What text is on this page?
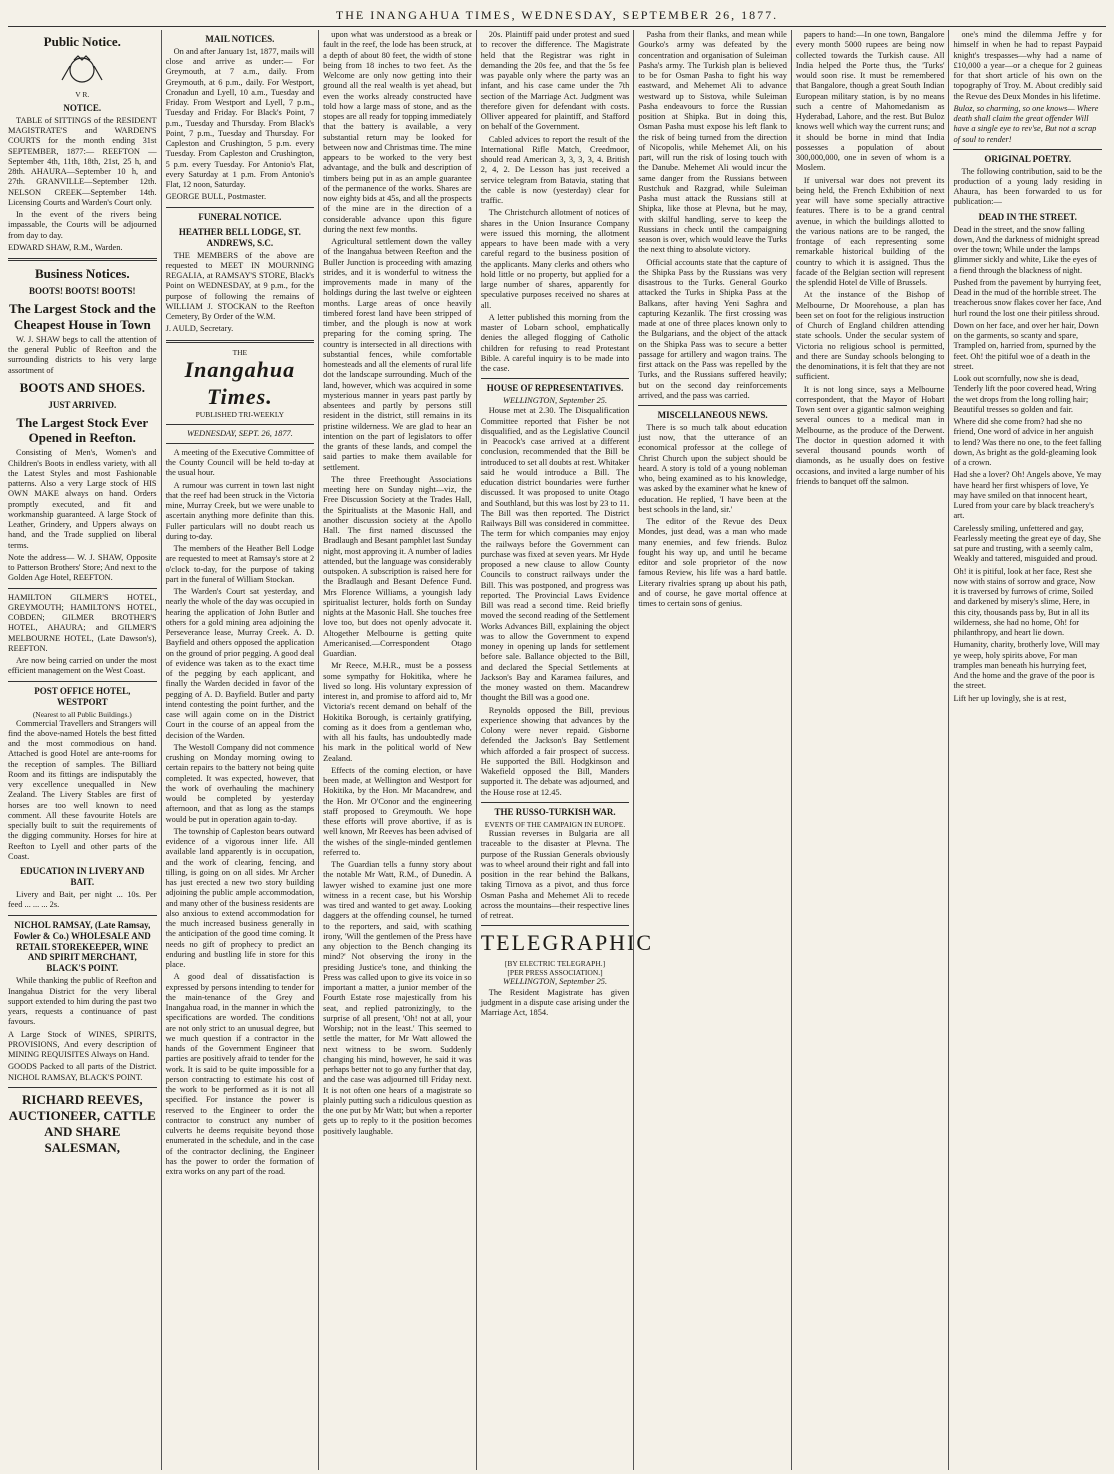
THE INANGAHUA TIMES, WEDNESDAY, SEPTEMBER 26, 1877.
Public Notice.
V R.
NOTICE.

TABLE of SITTINGS of the RESIDENT MAGISTRATE'S and WARDEN'S COURTS for the month ending 31st SEPTEMBER, 1877:— REEFTON — September 4th, 11th, 18th, 21st, 25 h, and 28th. AHAURA—September 10 h, and 27th. GRANVILLE—September 12th. NELSON CREEK—September 14th. Licensing Courts and Warden's Court only.

In the event of the rivers being impassable, the Courts will be adjourned from day to day.

EDWARD SHAW, R.M., Warden.

Business Notices.
BOOTS! BOOTS! BOOTS!
The Largest Stock and the Cheapest House in Town

W. J. SHAW begs to call the attention of the general Public of Reefton and the surrounding districts to his very large assortment of

BOOTS AND SHOES.
JUST ARRIVED.
The Largest Stock Ever Opened in Reefton.

Consisting of Men's, Women's and Children's Boots in endless variety, with all the Latest Styles and most Fashionable patterns. Also a very Large stock of HIS OWN MAKE always on hand. Orders promptly executed, and fit and workmanship guaranteed. A large Stock of Leather, Grindery, and Uppers always on hand, and the Trade supplied on liberal terms.

Note the address— W. J. SHAW, Opposite to Patterson Brothers' Store; And next to the Golden Age Hotel, REEFTON.

HAMILTON GILMER'S HOTEL, GREYMOUTH; HAMILTON'S HOTEL, COBDEN; GILMER BROTHER'S HOTEL, AHAURA; and GILMER'S MELBOURNE HOTEL, (Late Dawson's), REEFTON.

Are now being carried on under the most efficient management on the West Coast.

POST OFFICE HOTEL, WESTPORT
(Nearest to all Public Buildings.)

Commercial Travellers and Strangers will find the above-named Hotels the best fitted and the most commodious on hand. Attached is good Hotel are ante-rooms for the reception of samples. The Billiard Room and its fittings are indisputably the very excellence unequalled in New Zealand. The Livery Stables are first of horses are too well known to need comment. All these favourite Hotels are specially built to suit the requirements of the digging community. Horses for hire at Reefton to Lyell and other parts of the Coast.

EDUCATION IN LIVERY AND BAIT.

Livery and Bait, per night ... 10s. Per feed ... ... ... 2s.

NICHOL RAMSAY, (Late Ramsay, Fowler & Co.) WHOLESALE AND RETAIL STOREKEEPER, WINE AND SPIRIT MERCHANT, BLACK'S POINT.

While thanking the public of Reefton and Inangahua District for the very liberal support extended to him during the past two years, requests a continuance of past favours.

A Large Stock of WINES, SPIRITS, PROVISIONS, And every description of MINING REQUISITES Always on Hand.

GOODS Packed to all parts of the District. NICHOL RAMSAY, BLACK'S POINT.

RICHARD REEVES, AUCTIONEER, CATTLE AND SHARE SALESMAN,
MAIL NOTICES.

On and after January 1st, 1877, mails will close and arrive as under:— For Greymouth, at 7 a.m., daily. From Greymouth, at 6 p.m., daily. For Westport, Cronadun and Lyell, 10 a.m., Tuesday and Friday. From Westport and Lyell, 7 p.m., Tuesday and Friday. For Black's Point, 7 p.m., Tuesday and Thursday. From Black's Point, 7 p.m., Tuesday and Thursday. For Capleston and Crushington, 5 p.m. every Tuesday. From Capleston and Crushington, 5 p.m. every Tuesday. For Antonio's Flat, every Saturday at 1 p.m. From Antonio's Flat, 12 noon, Saturday.

GEORGE BULL, Postmaster.

FUNERAL NOTICE.
HEATHER BELL LODGE, ST. ANDREWS, S.C.

THE MEMBERS of the above are requested to MEET IN MOURNING REGALIA, at RAMSAY'S STORE, Black's Point on WEDNESDAY, at 9 p.m., for the purpose of following the remains of WILLIAM J. STOCKAN to the Reefton Cemetery, By Order of the W.M.

J. AULD, Secretary.

THE
Inangahua Times.
PUBLISHED TRI-WEEKLY
WEDNESDAY, SEPT. 26, 1877.

A meeting of the Executive Committee of the County Council will be held to-day at the usual hour.

A rumour was current in town last night that the reef had been struck in the Victoria mine, Murray Creek, but we were unable to ascertain anything more definite than this. Fuller particulars will no doubt reach us during to-day.

The members of the Heather Bell Lodge are requested to meet at Ramsay's store at 2 o'clock to-day, for the purpose of taking part in the funeral of William Stockan.

The Warden's Court sat yesterday, and nearly the whole of the day was occupied in hearing the application of John Butler and others for a gold mining area adjoining the Perseverance lease, Murray Creek. A. D. Bayfield and others opposed the application on the ground of prior pegging. A good deal of evidence was taken as to the exact time of the pegging by each applicant, and finally the Warden decided in favor of the pegging of A. D. Bayfield. Butler and party intend contesting the point further, and the case will again come on in the District Court in the course of an appeal from the decision of the Warden.

The Westoll Company did not commence crushing on Monday morning owing to certain repairs to the battery not being quite completed. It was expected, however, that the work of overhauling the machinery would be completed by yesterday afternoon, and that as long as the stamps would be put in operation again to-day.

The township of Capleston bears outward evidence of a vigorous inner life. All available land apparently is in occupation, and the work of clearing, fencing, and tilling, is going on on all sides. Mr Archer has just erected a new two story building adjoining the public ample accommodation, and many other of the business residents are also anxious to extend accommodation for the much increased business generally in the anticipation of the good time coming. It needs no gift of prophecy to predict an enduring and bustling life in store for this place.

A good deal of dissatisfaction is expressed by persons intending to tender for the main-tenance of the Grey and Inangahua road, in the manner in which the specifications are worded. The conditions are not only strict to an unusual degree, but we much question if a contractor in the hands of the Government Engineer that parties are positively afraid to tender for the work. It is said to be quite impossible for a person contracting to estimate his cost of the work to be performed as it is not all specified. For instance the power is reserved to the Engineer to order the contractor to construct any number of culverts he deems requisite beyond those enumerated in the schedule, and in the case of the contractor declining, the Engineer has the power to order the formation of extra works on any part of the road.

upon what was understood as a break or fault in the reef, the lode has been struck, at a depth of about 80 feet, the width of stone being from 18 inches to two feet. As the Welcome are only now getting into their ground all the real wealth is yet ahead, but even the works already constructed have told how a large mass of stone, and as the stopes are all ready for topping immediately that the battery is available, a very substantial return may be looked for between now and Christmas time. The mine appears to be worked to the very best advantage, and the bulk and description of timbers being put in as an ample guarantee of the permanence of the works. Shares are now eighty bids at 45s, and all the prospects of the mine are in the direction of a considerable advance upon this figure during the next few months.

Agricultural settlement down the valley of the Inangahua between Reefton and the Buller Junction is proceeding with amazing strides, and it is wonderful to witness the improvements made in many of the holdings during the last twelve or eighteen months. Large areas of once heavily timbered forest land have been stripped of timber, and the plough is now at work preparing for the coming spring. The country is intersected in all directions with substantial fences, while comfortable homesteads and all the elements of rural life dot the landscape surrounding. Much of the land, however, which was acquired in some mysterious manner in years past partly by absentees and partly by persons still resident in the district, still remains in its pristine wilderness. We are glad to hear an intention on the part of legislators to offer the grants of these lands, and compel the said parties to make them available for settlement.

The three Freethought Associations meeting here on Sunday night—viz, the Free Discussion Society at the Trades Hall, the Spiritualists at the Masonic Hall, and another discussion society at the Apollo Hall. The first named discussed the Bradlaugh and Besant pamphlet last Sunday night, most approving it. A number of ladies attended, but the language was considerably outspoken. A subscription is raised here for the Bradlaugh and Besant Defence Fund. Mrs Florence Williams, a youngish lady spiritualist lecturer, holds forth on Sunday nights at the Masonic Hall. She touches free love too, but does not openly advocate it. Altogether Melbourne is getting quite Americanised.—Correspondent Otago Guardian.

Mr Reece, M.H.R., must be a possess some sympathy for Hokitika, where he lived so long. His voluntary expression of interest in, and promise to afford aid to, Mr Victoria's recent demand on behalf of the Hokitika Borough, is certainly gratifying, coming as it does from a gentleman who, with all his faults, has undoubtedly made his mark in the political world of New Zealand.

Effects of the coming election, or have been made, at Wellington and Westport for Hokitika, by the Hon. Mr Macandrew, and the Hon. Mr O'Conor and the engineering staff proposed to Greymouth. We hope these efforts will prove abortive, if as is well known, Mr Reeves has been advised of the wishes of the single-minded gentlemen referred to.

The Guardian tells a funny story about the notable Mr Watt, R.M., of Dunedin. A lawyer wished to examine just one more witness in a recent case, but his Worship was tired and wanted to get away. Looking daggers at the offending counsel, he turned to the reporters, and said, with scathing irony, 'Will the gentlemen of the Press have any objection to the Bench changing its mind?' Not observing the irony in the presiding Justice's tone, and thinking the Press was called upon to give its voice in so important a matter, a junior member of the Fourth Estate rose majestically from his seat, and replied patronizingly, to the surprise of all present, 'Oh! not at all, your Worship; not in the least.' This seemed to settle the matter, for Mr Watt allowed the next witness to be sworn. Suddenly changing his mind, however, he said it was perhaps better not to go any further that day, and the case was adjourned till Friday next. It is not often one hears of a magistrate so plainly putting such a ridiculous question as the one put by Mr Watt; but when a reporter gets up to reply to it the position becomes positively laughable.

20s. Plaintiff paid under protest and sued to recover the difference. The Magistrate held that the Registrar was right in demanding the 20s fee, and that the 5s fee was payable only where the party was an infant, and his case came under the 7th section of the Marriage Act. Judgment was therefore given for defendant with costs. Olliver appeared for plaintiff, and Stafford on behalf of the Government.

Cabled advices to report the result of the International Rifle Match, Creedmoor, should read American 3, 3, 3, 3, 4. British 2, 4, 2. De Lesson has just received a service telegram from Batavia, stating that the cable is now (yesterday) clear for traffic.

The Christchurch allotment of notices of shares in the Union Insurance Company were issued this morning, the allotment appears to have been made with a very careful regard to the business position of the applicants. Many clerks and others who hold little or no property, but applied for a large number of shares, apparently for speculative purposes received no shares at all.

A letter published this morning from the master of Lobarn school, emphatically denies the alleged flogging of Catholic children for refusing to read Protestant Bible. A careful inquiry is to be made into the case.

HOUSE OF REPRESENTATIVES.
WELLINGTON, September 25.

House met at 2.30. The Disqualification Committee reported that Fisher be not disqualified, and as the Legislative Council in Peacock's case arrived at a different conclusion, recommended that the Bill be introduced to set all doubts at rest. Whitaker said he would introduce a Bill. The education district boundaries were further discussed. It was proposed to unite Otago and Southland, but this was lost by 23 to 11. The Bill was then reported. The District Railways Bill was considered in committee. The term for which companies may enjoy the railways before the Government can purchase was fixed at seven years. Mr Hyde proposed a new clause to allow County Councils to construct railways under the Bill. This was postponed, and progress was reported. The Provincial Laws Evidence Bill was read a second time. Reid briefly moved the second reading of the Settlement Works Advances Bill, explaining the object was to allow the Government to expend money in opening up lands for settlement before sale. Ballance objected to the Bill, and declared the Special Settlements at Jackson's Bay and Karamea failures, and the money wasted on them. Macandrew thought the Bill was a good one.

Reynolds opposed the Bill, previous experience showing that advances by the Colony were never repaid. Gisborne defended the Jackson's Bay Settlement which afforded a fair prospect of success. He supported the Bill. Hodgkinson and Wakefield opposed the Bill, Manders supported it. The debate was adjourned, and the House rose at 12.45.

THE RUSSO-TURKISH WAR.
EVENTS OF THE CAMPAIGN IN EUROPE.

Russian reverses in Bulgaria are all traceable to the disaster at Plevna. The purpose of the Russian Generals obviously was to wheel around their right and fall into position in the rear behind the Balkans, taking Tirnova as a pivot, and thus force Osman Pasha and Mehemet Ali to recede across the mountains—their respective lines of retreat.

TELEGRAPHIC
[BY ELECTRIC TELEGRAPH.]
[PER PRESS ASSOCIATION.]
WELLINGTON, September 25.

The Resident Magistrate has given judgment in a dispute case arising under the Marriage Act, 1854.

Pasha from their flanks, and mean while Gourko's army was defeated by the concentration and organisation of Suleiman Pasha's army. The Turkish plan is believed to be for Osman Pasha to fight his way eastward, and Mehemet Ali to advance westward up to Sistova, while Suleiman Pasha endeavours to force the Russian position at Shipka. But in doing this, Osman Pasha must expose his left flank to the risk of being turned from the direction of Nicopolis, while Mehemet Ali, on his part, will run the risk of losing touch with the Danube. Mehemet Ali would incur the same danger from the Russians between Rustchuk and Razgrad, while Suleiman Pasha must attack the Russians still at Shipka, like those at Plevna, but he may, with skilful handling, serve to keep the Russians in check until the campaigning season is over, which would leave the Turks the next thing to absolute victory.

Official accounts state that the capture of the Shipka Pass by the Russians was very disastrous to the Turks. General Gourko attacked the Turks in Shipka Pass at the Balkans, after having Yeni Saghra and capturing Kezanlik. The first crossing was made at one of three places known only to the Bulgarians, and the object of the attack on the Shipka Pass was to secure a better passage for artillery and wagon trains. The first attack on the Pass was repelled by the Turks, and the Russians suffered heavily; but on the second day reinforcements arrived, and the pass was carried.

MISCELLANEOUS NEWS.

There is so much talk about education just now, that the utterance of an economical professor at the college of Christ Church upon the subject should be heard. A story is told of a young nobleman who, being examined as to his knowledge, was asked by the examiner what he knew of education. He replied, 'I have been at the best schools in the land, sir.'

The editor of the Revue des Deux Mondes, just dead, was a man who made many enemies, and few friends. Buloz fought his way up, and until he became editor and sole proprietor of the now famous Review, his life was a hard battle. Literary rivalries sprang up about his path, and of course, he gave mortal offence at times to certain sons of genius.

papers to hand:—In one town, Bangalore every month 5000 rupees are being now collected towards the Turkish cause. All India helped the Porte thus, the 'Turks' would soon rise. It must be remembered that Bangalore, though a great South Indian European military station, is by no means such a centre of Mahomedanism as Hyderabad, Lahore, and the rest. But Buloz knows well which way the current runs; and it should be borne in mind that India possesses a population of about 300,000,000, one in seven of whom is a Moslem.

If universal war does not prevent its being held, the French Exhibition of next year will have some specially attractive features. There is to be a grand central avenue, in which the buildings allotted to the various nations are to be ranged, the frontage of each representing some remarkable historical building of the country to which it is assigned. Thus the facade of the Belgian section will represent the splendid Hotel de Ville of Brussels.

At the instance of the Bishop of Melbourne, Dr Moorehouse, a plan has been set on foot for the religious instruction of Church of England children attending state schools. Under the secular system of Victoria no religious school is permitted, and there are Sunday schools belonging to the denominations, it is felt that they are not sufficient.

It is not long since, says a Melbourne correspondent, that the Mayor of Hobart Town sent over a gigantic salmon weighing several ounces to a medical man in Melbourne, as the produce of the Derwent. The doctor in question adorned it with several thousand pounds worth of diamonds, as he usually does on festive occasions, and invited a large number of his friends to banquet off the salmon.

one's mind the dilemma Jeffre y for himself in when he had to repast Paypaid knight's trespasses—why had a name of £10,000 a year—or a cheque for 2 guineas for that short article of his own on the topography of Troy. M. About credibly said the Revue des Deux Mondes in his lifetime.

Buloz, so charming, so one knows— Where death shall claim the great offender Will have a single eye to rev'se, But not a scrap of soul to render!

ORIGINAL POETRY.

The following contribution, said to be the production of a young lady residing in Ahaura, has been forwarded to us for publication:—

DEAD IN THE STREET.

Dead in the street, and the snow falling down, And the darkness of midnight spread over the town; While under the lamps glimmer sickly and white, Like the eyes of a fiend through the blackness of night.

Pushed from the pavement by hurrying feet, Dead in the mud of the horrible street. The treacherous snow flakes cover her face, And hurl round the lost one their pitiless shroud.

Down on her face, and over her hair, Down on the garments, so scanty and spare, Trampled on, harried from, spurned by the feet. Oh! the pitiful woe of a death in the street.

Look out scornfully, now she is dead, Tenderly lift the poor covered head, Wring the wet drops from the long rolling hair; Beautiful tresses so golden and fair.

Where did she come from? had she no friend, One word of advice in her anguish to lend? Was there no one, to the feet falling down, As bright as the gold-gleaming look of a crown.

Had she a lover? Oh! Angels above, Ye may have heard her first whispers of love, Ye may have smiled on that innocent heart, Lured from your care by black treachery's art.

Carelessly smiling, unfettered and gay, Fearlessly meeting the great eye of day, She sat pure and trusting, with a seemly calm, Weakly and tattered, misguided and proud.

Oh! it is pitiful, look at her face, Rest she now with stains of sorrow and grace, Now it is traversed by furrows of crime, Soiled and darkened by misery's slime, Here, in this city, thousands pass by, But in all its wilderness, she had no home, Oh! for philanthropy, and heart lie down.

Humanity, charity, brotherly love, Will may ye weep, holy spirits above, For man tramples man beneath his hurrying feet, And the home and the grave of the poor is the street.

Lift her up lovingly, she is at rest,
